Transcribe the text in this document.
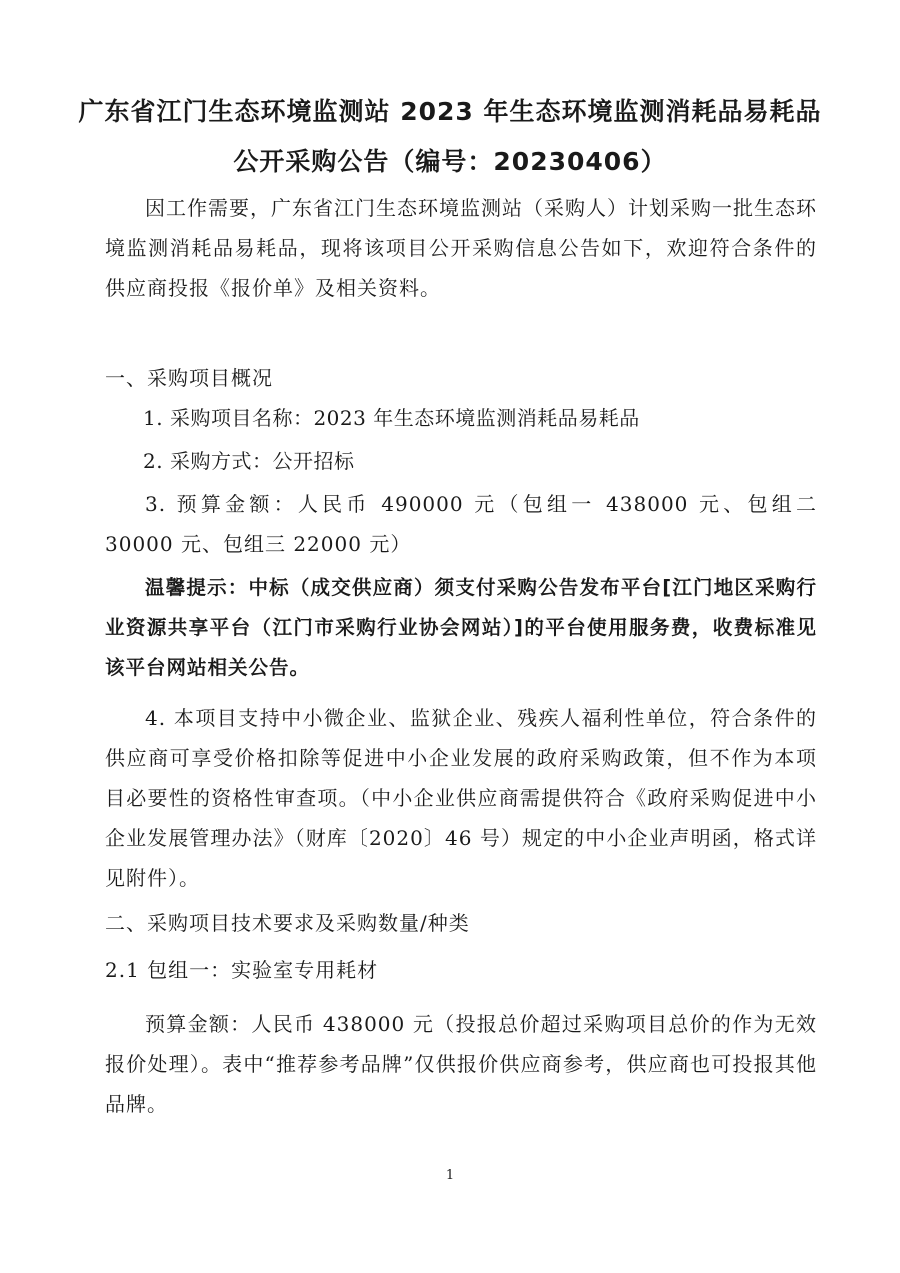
广东省江门生态环境监测站 2023 年生态环境监测消耗品易耗品
公开采购公告（编号：20230406）

因工作需要，广东省江门生态环境监测站（采购人）计划采购一批生态环境监测消耗品易耗品，现将该项目公开采购信息公告如下，欢迎符合条件的供应商投报《报价单》及相关资料。

一、采购项目概况

1. 采购项目名称：2023 年生态环境监测消耗品易耗品

2. 采购方式：公开招标

3. 预算金额：人民币 490000 元（包组一 438000 元、包组二 30000 元、包组三 22000 元）

温馨提示：中标（成交供应商）须支付采购公告发布平台[江门地区采购行业资源共享平台（江门市采购行业协会网站）]的平台使用服务费，收费标准见该平台网站相关公告。

4. 本项目支持中小微企业、监狱企业、残疾人福利性单位，符合条件的供应商可享受价格扣除等促进中小企业发展的政府采购政策，但不作为本项目必要性的资格性审查项。（中小企业供应商需提供符合《政府采购促进中小企业发展管理办法》（财库〔2020〕46 号）规定的中小企业声明函，格式详见附件）。

二、采购项目技术要求及采购数量/种类

2.1 包组一：实验室专用耗材

预算金额：人民币 438000 元（投报总价超过采购项目总价的作为无效报价处理）。表中“推荐参考品牌”仅供报价供应商参考，供应商也可投报其他品牌。

1
